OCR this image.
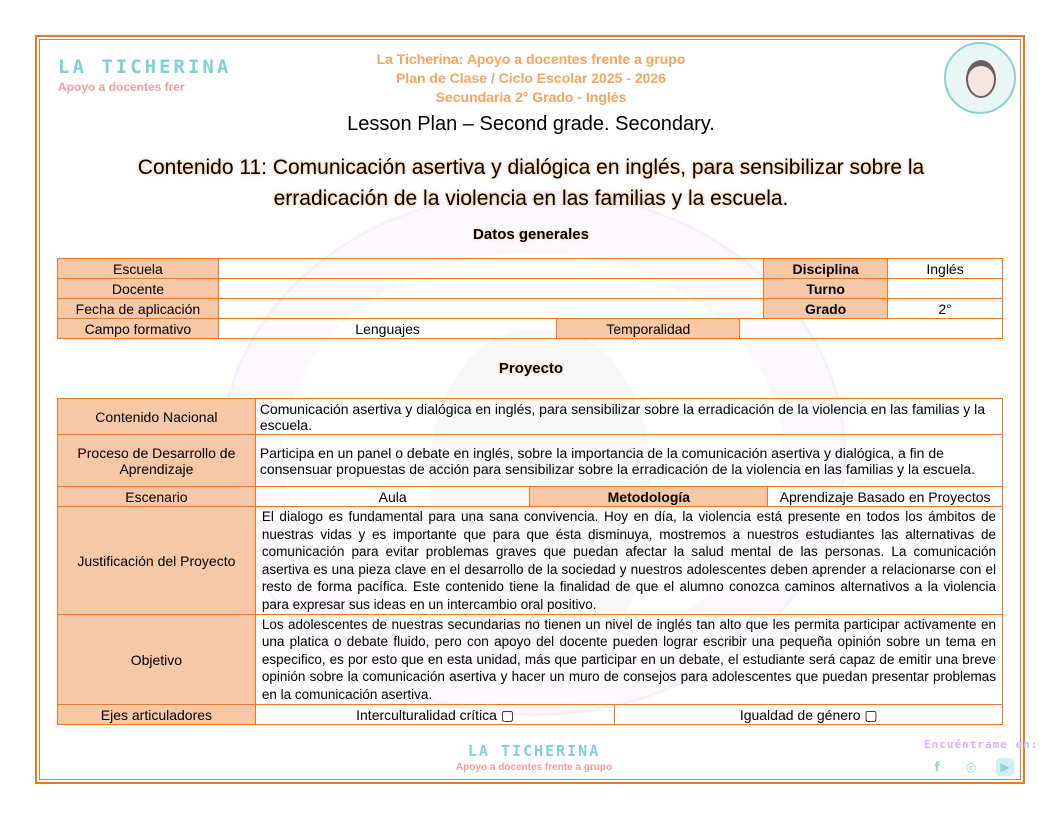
LA TICHERINA
Apoyo a docentes frer
La Ticherina: Apoyo a docentes frente a grupo
Plan de Clase / Ciclo Escolar 2025 - 2026
Secundaria 2° Grado - Inglés
Lesson Plan – Second grade. Secondary.
Contenido 11: Comunicación asertiva y dialógica en inglés, para sensibilizar sobre la erradicación de la violencia en las familias y la escuela.
Datos generales
Escuela				Disciplina	Inglés
Docente				Turno	
Fecha de aplicación				Grado	2°
Campo formativo	Lenguajes	Temporalidad			
Proyecto
Contenido Nacional	Comunicación asertiva y dialógica en inglés, para sensibilizar sobre la erradicación de la violencia en las familias y la escuela.			
Proceso de Desarrollo de Aprendizaje	Participa en un panel o debate en inglés, sobre la importancia de la comunicación asertiva y dialógica, a fin de consensuar propuestas de acción para sensibilizar sobre la erradicación de la violencia en las familias y la escuela.			
Escenario	Aula	Metodología		Aprendizaje Basado en Proyectos
Justificación del Proyecto	El dialogo es fundamental para una sana convivencia. Hoy en día, la violencia está presente en todos los ámbitos de nuestras vidas y es importante que para que ésta disminuya, mostremos a nuestros estudiantes las alternativas de comunicación para evitar problemas graves que puedan afectar la salud mental de las personas. La comunicación asertiva es una pieza clave en el desarrollo de la sociedad y nuestros adolescentes deben aprender a relacionarse con el resto de forma pacífica. Este contenido tiene la finalidad de que el alumno conozca caminos alternativos a la violencia para expresar sus ideas en un intercambio oral positivo.			
Objetivo	Los adolescentes de nuestras secundarias no tienen un nivel de inglés tan alto que les permita participar activamente en una platica o debate fluido, pero con apoyo del docente pueden lograr escribir una pequeña opinión sobre un tema en especifico, es por esto que en esta unidad, más que participar en un debate, el estudiante será capaz de emitir una breve opinión sobre la comunicación asertiva y hacer un muro de consejos para adolescentes que puedan presentar problemas en la comunicación asertiva.			
Ejes articuladores	Interculturalidad crítica ▢		Igualdad de género ▢	
LA TICHERINA
Apoyo a docentes frente a grupo
Encuéntrame en:
f	◎	▶
